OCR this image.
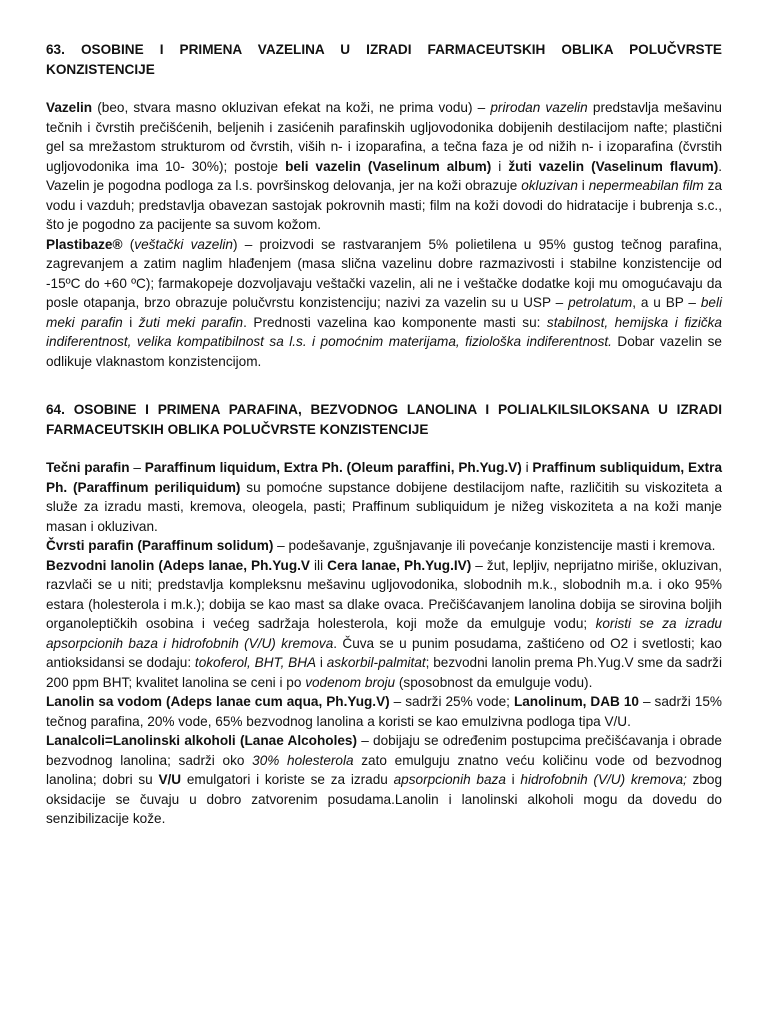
63. OSOBINE I PRIMENA VAZELINA U IZRADI FARMACEUTSKIH OBLIKA POLUČVRSTE KONZISTENCIJE

Vazelin (beo, stvara masno okluzivan efekat na koži, ne prima vodu) – prirodan vazelin predstavlja mešavinu tečnih i čvrstih prečišćenih, beljenih i zasićenih parafinskih ugljovodonika dobijenih destilacijom nafte; plastični gel sa mrežastom strukturom od čvrstih, viših n- i izoparafina, a tečna faza je od nižih n- i izoparafina (čvrstih ugljovodonika ima 10- 30%); postoje beli vazelin (Vaselinum album) i žuti vazelin (Vaselinum flavum). Vazelin je pogodna podloga za l.s. površinskog delovanja, jer na koži obrazuje okluzivan i nepermeabilan film za vodu i vazduh; predstavlja obavezan sastojak pokrovnih masti; film na koži dovodi do hidratacije i bubrenja s.c., što je pogodno za pacijente sa suvom kožom.

Plastibaze® (veštački vazelin) – proizvodi se rastvaranjem 5% polietilena u 95% gustog tečnog parafina, zagrevanjem a zatim naglim hlađenjem (masa slična vazelinu dobre razmazivosti i stabilne konzistencije od -15ºC do +60 ºC); farmakopeje dozvoljavaju veštački vazelin, ali ne i veštačke dodatke koji mu omogućavaju da posle otapanja, brzo obrazuje polučvrstu konzistenciju; nazivi za vazelin su u USP – petrolatum, a u BP – beli meki parafin i žuti meki parafin. Prednosti vazelina kao komponente masti su: stabilnost, hemijska i fizička indiferentnost, velika kompatibilnost sa l.s. i pomoćnim materijama, fiziološka indiferentnost. Dobar vazelin se odlikuje vlaknastom konzistencijom.

64. OSOBINE I PRIMENA PARAFINA, BEZVODNOG LANOLINA I POLIALKILSILOKSANA U IZRADI FARMACEUTSKIH OBLIKA POLUČVRSTE KONZISTENCIJE

Tečni parafin – Paraffinum liquidum, Extra Ph. (Oleum paraffini, Ph.Yug.V) i Praffinum subliquidum, Extra Ph. (Paraffinum periliquidum) su pomoćne supstance dobijene destilacijom nafte, različitih su viskoziteta a služe za izradu masti, kremova, oleogela, pasti; Praffinum subliquidum je nižeg viskoziteta a na koži manje masan i okluzivan.

Čvrsti parafin (Paraffinum solidum) – podešavanje, zgušnjavanje ili povećanje konzistencije masti i kremova.

Bezvodni lanolin (Adeps lanae, Ph.Yug.V ili Cera lanae, Ph.Yug.IV) – žut, lepljiv, neprijatno miriše, okluzivan, razvlači se u niti; predstavlja kompleksnu mešavinu ugljovodonika, slobodnih m.k., slobodnih m.a. i oko 95% estara (holesterola i m.k.); dobija se kao mast sa dlake ovaca. Prečišćavanjem lanolina dobija se sirovina boljih organoleptičkih osobina i većeg sadržaja holesterola, koji može da emulguje vodu; koristi se za izradu apsorpcionih baza i hidrofobnih (V/U) kremova. Čuva se u punim posudama, zaštićeno od O2 i svetlosti; kao antioksidansi se dodaju: tokoferol, BHT, BHA i askorbil-palmitat; bezvodni lanolin prema Ph.Yug.V sme da sadrži 200 ppm BHT; kvalitet lanolina se ceni i po vodenom broju (sposobnost da emulguje vodu).

Lanolin sa vodom (Adeps lanae cum aqua, Ph.Yug.V) – sadrži 25% vode; Lanolinum, DAB 10 – sadrži 15% tečnog parafina, 20% vode, 65% bezvodnog lanolina a koristi se kao emulzivna podloga tipa V/U.

Lanalcoli=Lanolinski alkoholi (Lanae Alcoholes) – dobijaju se određenim postupcima prečišćavanja i obrade bezvodnog lanolina; sadrži oko 30% holesterola zato emulguju znatno veću količinu vode od bezvodnog lanolina; dobri su V/U emulgatori i koriste se za izradu apsorpcionih baza i hidrofobnih (V/U) kremova; zbog oksidacije se čuvaju u dobro zatvorenim posudama.Lanolin i lanolinski alkoholi mogu da dovedu do senzibilizacije kože.
